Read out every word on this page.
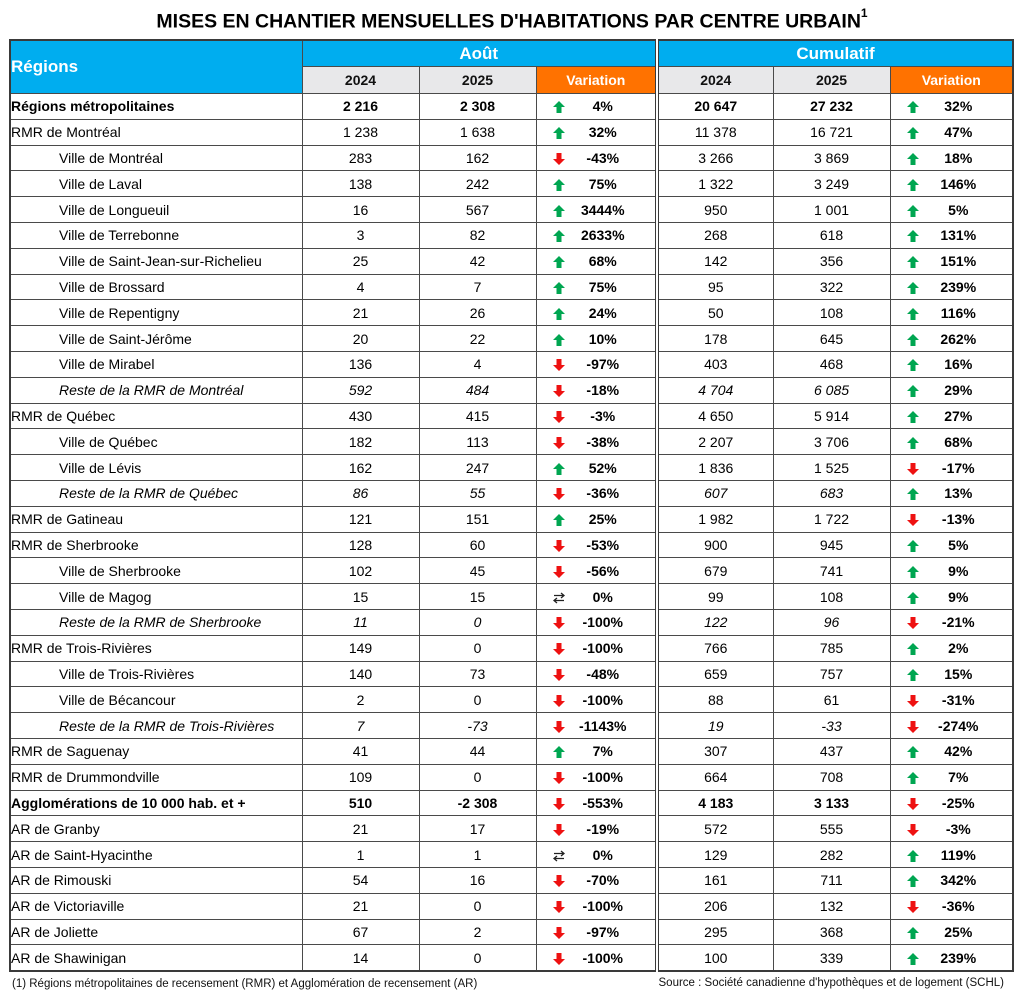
MISES EN CHANTIER MENSUELLES D'HABITATIONS PAR CENTRE URBAIN$^1$
Régions	Août			Cumulatif		
	2024	2025	Variation	2024	2025	Variation
Régions métropolitaines	2 216	2 308	4%	20 647	27 232	32%

RMR de Montréal	1 238	1 638	32%	11 378	16 721	47%

Ville de Montréal	283	162	-43%	3 266	3 869	18%

Ville de Laval	138	242	75%	1 322	3 249	146%

Ville de Longueuil	16	567	3444%	950	1 001	5%

Ville de Terrebonne	3	82	2633%	268	618	131%

Ville de Saint-Jean-sur-Richelieu	25	42	68%	142	356	151%

Ville de Brossard	4	7	75%	95	322	239%

Ville de Repentigny	21	26	24%	50	108	116%

Ville de Saint-Jérôme	20	22	10%	178	645	262%

Ville de Mirabel	136	4	-97%	403	468	16%

Reste de la RMR de Montréal	592	484	-18%	4 704	6 085	29%

RMR de Québec	430	415	-3%	4 650	5 914	27%

Ville de Québec	182	113	-38%	2 207	3 706	68%

Ville de Lévis	162	247	52%	1 836	1 525	-17%

Reste de la RMR de Québec	86	55	-36%	607	683	13%

RMR de Gatineau	121	151	25%	1 982	1 722	-13%

RMR de Sherbrooke	128	60	-53%	900	945	5%

Ville de Sherbrooke	102	45	-56%	679	741	9%

Ville de Magog	15	15	0%	99	108	9%

Reste de la RMR de Sherbrooke	11	0	-100%	122	96	-21%

RMR de Trois-Rivières	149	0	-100%	766	785	2%

Ville de Trois-Rivières	140	73	-48%	659	757	15%

Ville de Bécancour	2	0	-100%	88	61	-31%

Reste de la RMR de Trois-Rivières	7	-73	-1143%	19	-33	-274%

RMR de Saguenay	41	44	7%	307	437	42%

RMR de Drummondville	109	0	-100%	664	708	7%

Agglomérations de 10 000 hab. et +	510	-2 308	-553%	4 183	3 133	-25%

AR de Granby	21	17	-19%	572	555	-3%

AR de Saint-Hyacinthe	1	1	0%	129	282	119%

AR de Rimouski	54	16	-70%	161	711	342%

AR de Victoriaville	21	0	-100%	206	132	-36%

AR de Joliette	67	2	-97%	295	368	25%

AR de Shawinigan	14	0	-100%	100	339	239%
(1) Régions métropolitaines de recensement (RMR) et Agglomération de recensement (AR)	Source : Société canadienne d'hypothèques et de logement (SCHL)
